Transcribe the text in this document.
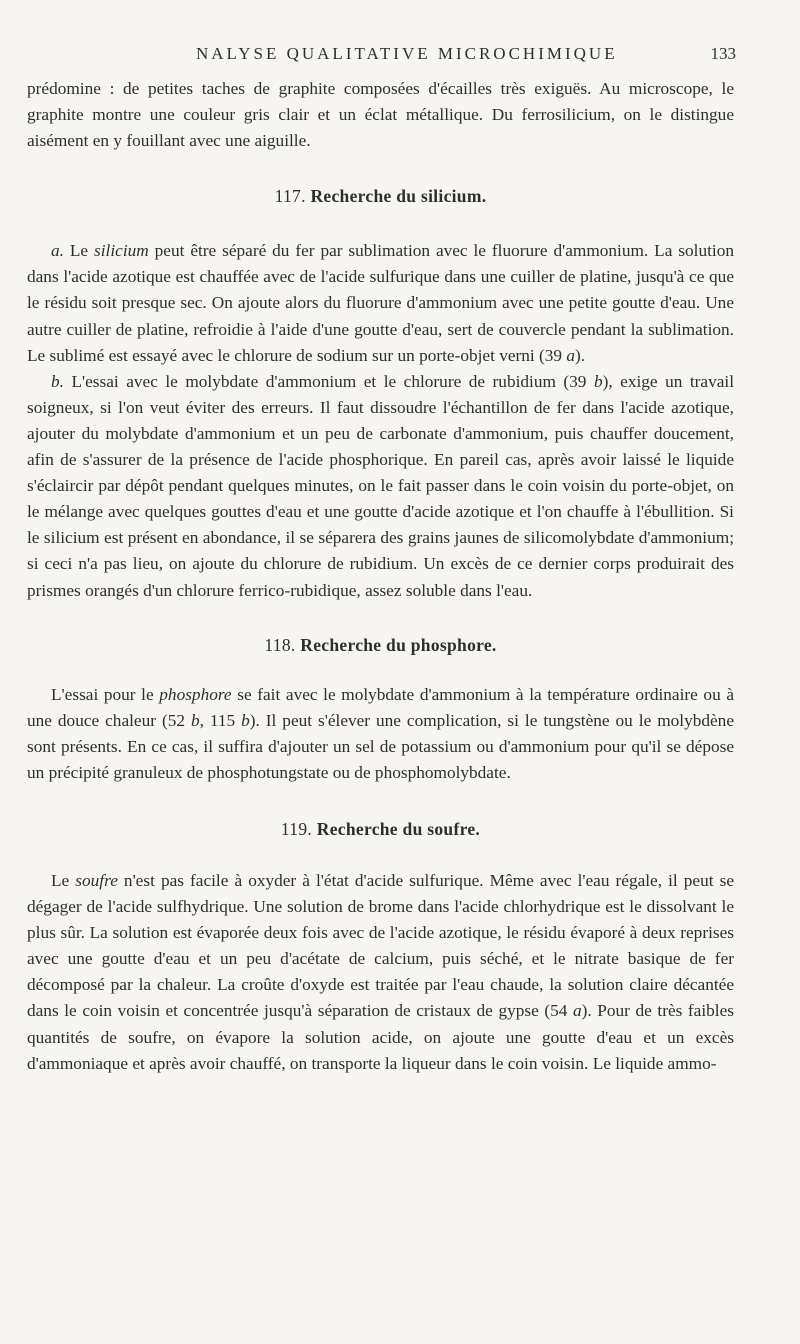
NALYSE QUALITATIVE MICROCHIMIQUE	133

prédomine : de petites taches de graphite composées d'écailles très exiguës. Au microscope, le graphite montre une couleur gris clair et un éclat métallique. Du ferrosilicium, on le distingue aisément en y fouillant avec une aiguille.

117. Recherche du silicium.

a. Le silicium peut être séparé du fer par sublimation avec le fluorure d'ammonium. La solution dans l'acide azotique est chauffée avec de l'acide sulfurique dans une cuiller de platine, jusqu'à ce que le résidu soit presque sec. On ajoute alors du fluorure d'ammonium avec une petite goutte d'eau. Une autre cuiller de platine, refroidie à l'aide d'une goutte d'eau, sert de couvercle pendant la sublimation. Le sublimé est essayé avec le chlorure de sodium sur un porte-objet verni (39 a).

b. L'essai avec le molybdate d'ammonium et le chlorure de rubidium (39 b), exige un travail soigneux, si l'on veut éviter des erreurs. Il faut dissoudre l'échantillon de fer dans l'acide azotique, ajouter du molybdate d'ammonium et un peu de carbonate d'ammonium, puis chauffer doucement, afin de s'assurer de la présence de l'acide phosphorique. En pareil cas, après avoir laissé le liquide s'éclaircir par dépôt pendant quelques minutes, on le fait passer dans le coin voisin du porte-objet, on le mélange avec quelques gouttes d'eau et une goutte d'acide azotique et l'on chauffe à l'ébullition. Si le silicium est présent en abondance, il se séparera des grains jaunes de silicomolybdate d'ammonium; si ceci n'a pas lieu, on ajoute du chlorure de rubidium. Un excès de ce dernier corps produirait des prismes orangés d'un chlorure ferrico-rubidique, assez soluble dans l'eau.

118. Recherche du phosphore.

L'essai pour le phosphore se fait avec le molybdate d'ammonium à la température ordinaire ou à une douce chaleur (52 b, 115 b). Il peut s'élever une complication, si le tungstène ou le molybdène sont présents. En ce cas, il suffira d'ajouter un sel de potassium ou d'ammonium pour qu'il se dépose un précipité granuleux de phosphotungstate ou de phosphomolybdate.

119. Recherche du soufre.

Le soufre n'est pas facile à oxyder à l'état d'acide sulfurique. Même avec l'eau régale, il peut se dégager de l'acide sulfhydrique. Une solution de brome dans l'acide chlorhydrique est le dissolvant le plus sûr. La solution est évaporée deux fois avec de l'acide azotique, le résidu évaporé à deux reprises avec une goutte d'eau et un peu d'acétate de calcium, puis séché, et le nitrate basique de fer décomposé par la chaleur. La croûte d'oxyde est traitée par l'eau chaude, la solution claire décantée dans le coin voisin et concentrée jusqu'à séparation de cristaux de gypse (54 a). Pour de très faibles quantités de soufre, on évapore la solution acide, on ajoute une goutte d'eau et un excès d'ammoniaque et après avoir chauffé, on transporte la liqueur dans le coin voisin. Le liquide ammo-
